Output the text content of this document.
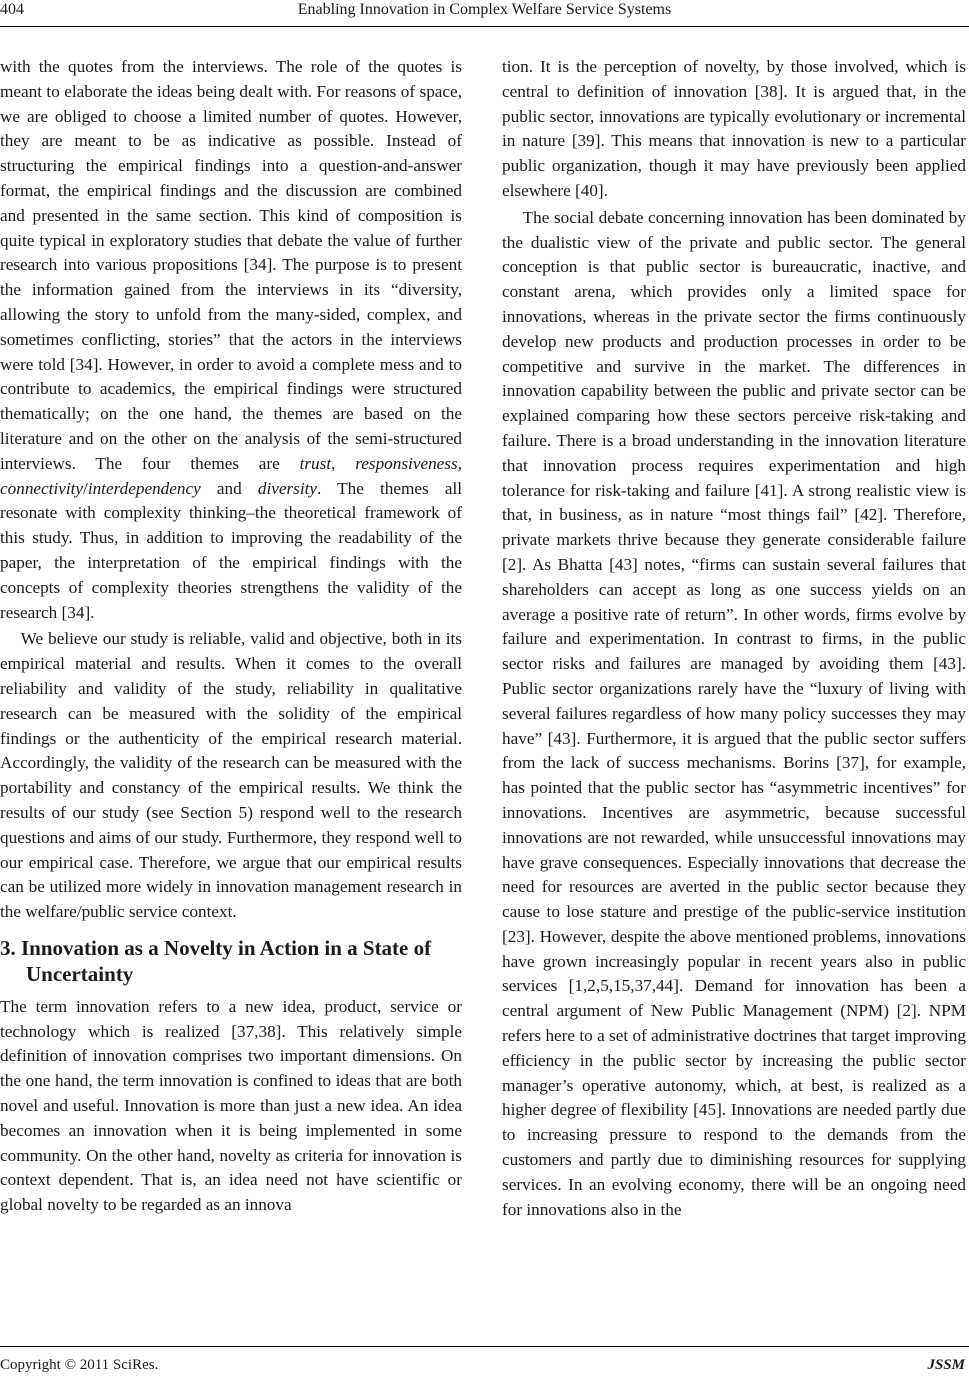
404	Enabling Innovation in Complex Welfare Service Systems

with the quotes from the interviews. The role of the quotes is meant to elaborate the ideas being dealt with. For reasons of space, we are obliged to choose a limited number of quotes. However, they are meant to be as indicative as possible. Instead of structuring the empirical findings into a question-and-answer format, the empirical findings and the discussion are combined and presented in the same section. This kind of composition is quite typical in exploratory studies that debate the value of further research into various propositions [34]. The purpose is to present the information gained from the interviews in its “diversity, allowing the story to unfold from the many-sided, complex, and sometimes conflicting, stories” that the actors in the interviews were told [34]. However, in order to avoid a complete mess and to contribute to academics, the empirical findings were structured thematically; on the one hand, the themes are based on the literature and on the other on the analysis of the semi-structured interviews. The four themes are trust, responsiveness, connectivity/interdependency and diversity. The themes all resonate with complexity thinking–the theoretical framework of this study. Thus, in addition to improving the readability of the paper, the interpretation of the empirical findings with the concepts of complexity theories strengthens the validity of the research [34].

We believe our study is reliable, valid and objective, both in its empirical material and results. When it comes to the overall reliability and validity of the study, reliability in qualitative research can be measured with the solidity of the empirical findings or the authenticity of the empirical research material. Accordingly, the validity of the research can be measured with the portability and constancy of the empirical results. We think the results of our study (see Section 5) respond well to the research questions and aims of our study. Furthermore, they respond well to our empirical case. Therefore, we argue that our empirical results can be utilized more widely in innovation management research in the welfare/public service context.

3. Innovation as a Novelty in Action in a State of Uncertainty

The term innovation refers to a new idea, product, service or technology which is realized [37,38]. This relatively simple definition of innovation comprises two important dimensions. On the one hand, the term innovation is confined to ideas that are both novel and useful. Innovation is more than just a new idea. An idea becomes an innovation when it is being implemented in some community. On the other hand, novelty as criteria for innovation is context dependent. That is, an idea need not have scientific or global novelty to be regarded as an innova

tion. It is the perception of novelty, by those involved, which is central to definition of innovation [38]. It is argued that, in the public sector, innovations are typically evolutionary or incremental in nature [39]. This means that innovation is new to a particular public organization, though it may have previously been applied elsewhere [40].

The social debate concerning innovation has been dominated by the dualistic view of the private and public sector. The general conception is that public sector is bureaucratic, inactive, and constant arena, which provides only a limited space for innovations, whereas in the private sector the firms continuously develop new products and production processes in order to be competitive and survive in the market. The differences in innovation capability between the public and private sector can be explained comparing how these sectors perceive risk-taking and failure. There is a broad understanding in the innovation literature that innovation process requires experimentation and high tolerance for risk-taking and failure [41]. A strong realistic view is that, in business, as in nature “most things fail” [42]. Therefore, private markets thrive because they generate considerable failure [2]. As Bhatta [43] notes, “firms can sustain several failures that shareholders can accept as long as one success yields on an average a positive rate of return”. In other words, firms evolve by failure and experimentation. In contrast to firms, in the public sector risks and failures are managed by avoiding them [43]. Public sector organizations rarely have the “luxury of living with several failures regardless of how many policy successes they may have” [43]. Furthermore, it is argued that the public sector suffers from the lack of success mechanisms. Borins [37], for example, has pointed that the public sector has “asymmetric incentives” for innovations. Incentives are asymmetric, because successful innovations are not rewarded, while unsuccessful innovations may have grave consequences. Especially innovations that decrease the need for resources are averted in the public sector because they cause to lose stature and prestige of the public-service institution [23]. However, despite the above mentioned problems, innovations have grown increasingly popular in recent years also in public services [1,2,5,15,37,44]. Demand for innovation has been a central argument of New Public Management (NPM) [2]. NPM refers here to a set of administrative doctrines that target improving efficiency in the public sector by increasing the public sector manager’s operative autonomy, which, at best, is realized as a higher degree of flexibility [45]. Innovations are needed partly due to increasing pressure to respond to the demands from the customers and partly due to diminishing resources for supplying services. In an evolving economy, there will be an ongoing need for innovations also in the

Copyright © 2011 SciRes.	JSSM
